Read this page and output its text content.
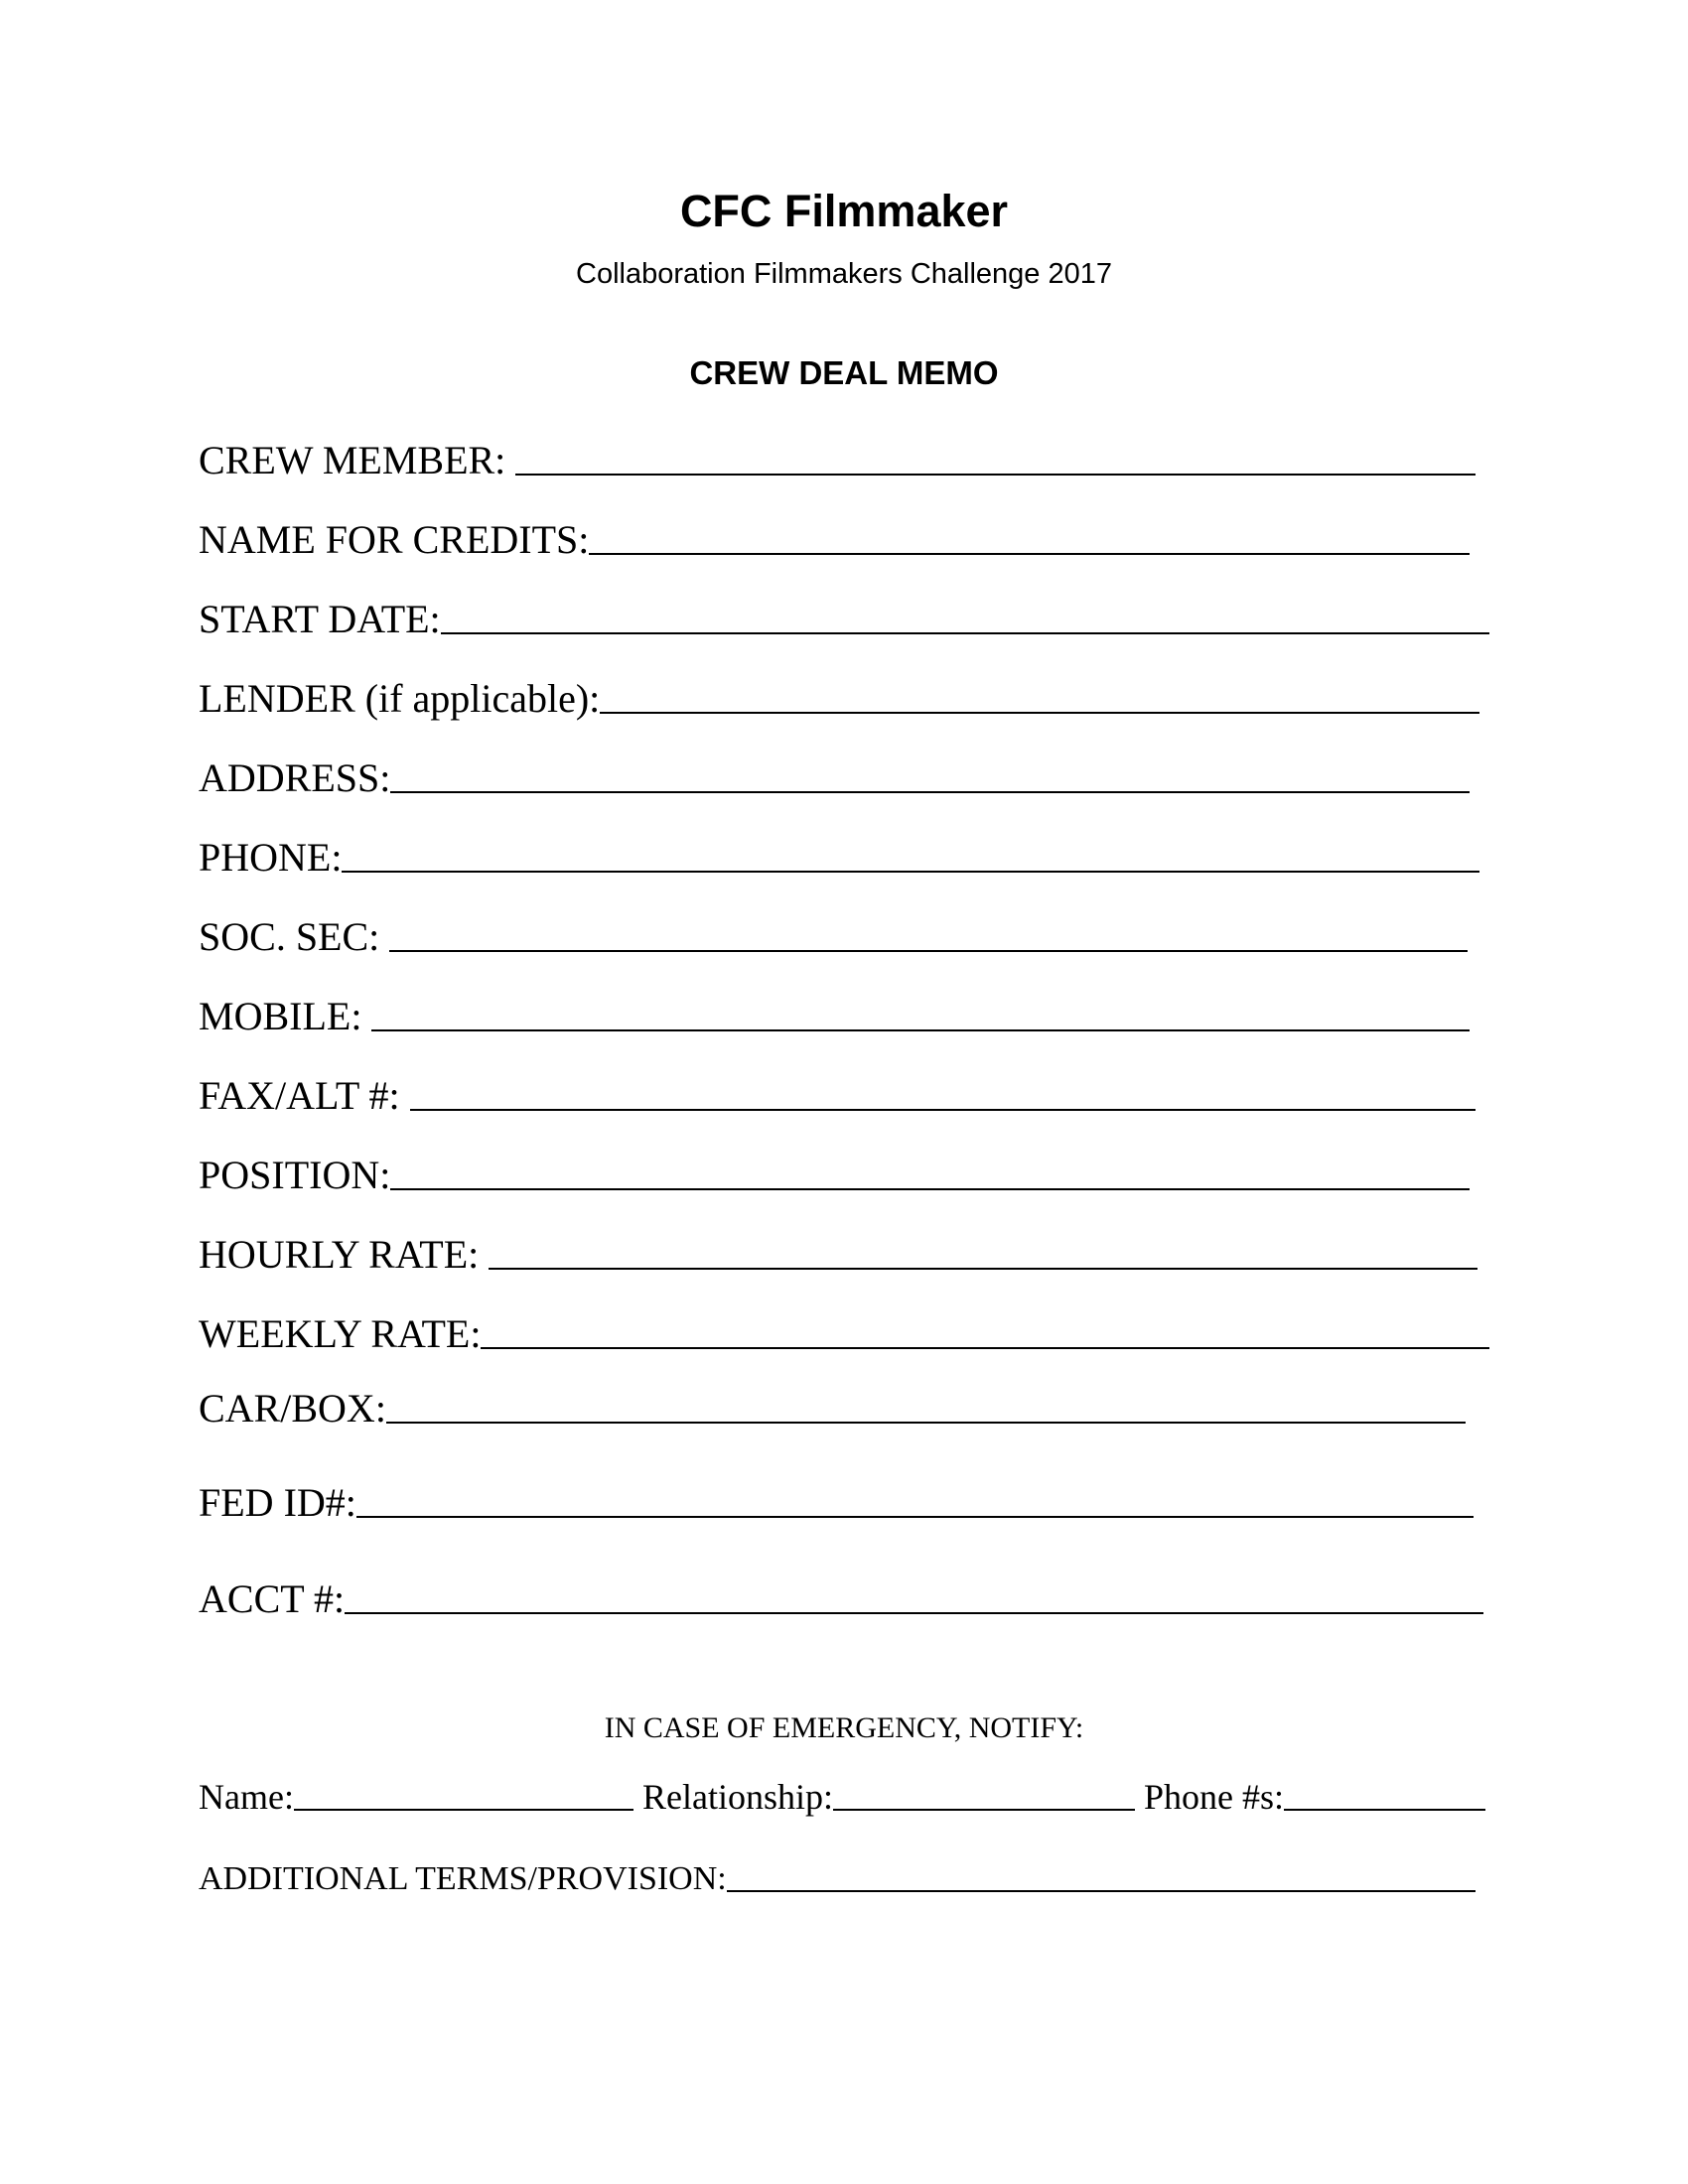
CFC Filmmaker
Collaboration Filmmakers Challenge 2017
CREW DEAL MEMO
CREW MEMBER:
NAME FOR CREDITS:
START DATE:
LENDER (if applicable):
ADDRESS:
PHONE:
SOC. SEC:
MOBILE:
FAX/ALT #:
POSITION:
HOURLY RATE:
WEEKLY RATE:
CAR/BOX:
FED ID#:
ACCT #:
IN CASE OF EMERGENCY, NOTIFY:
Name:	Relationship:	Phone #s:
ADDITIONAL TERMS/PROVISION:
